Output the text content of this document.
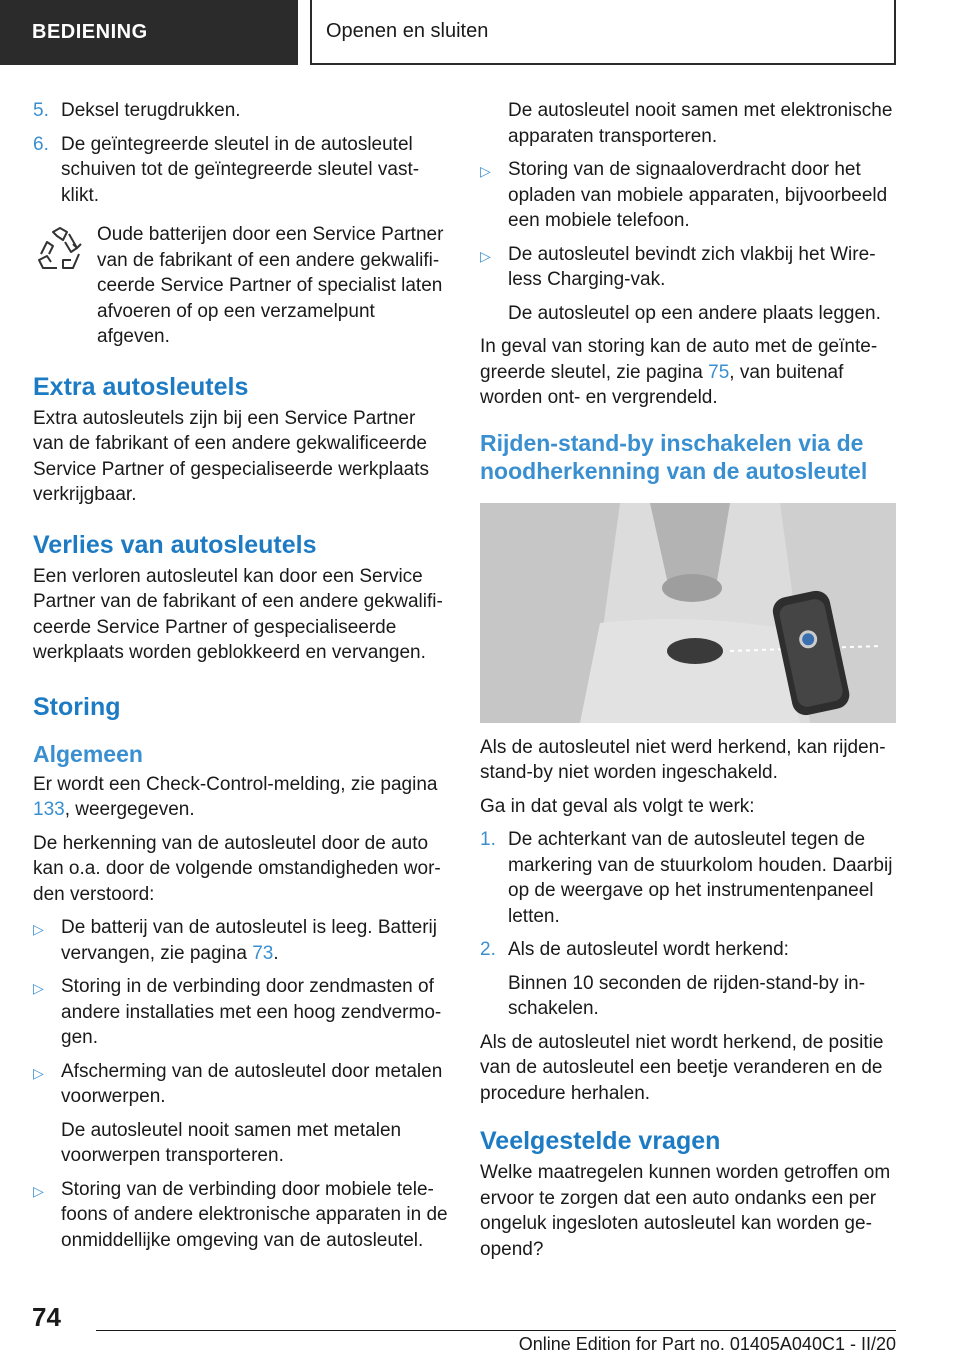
BEDIENING	Openen en sluiten
5. Deksel terugdrukken.
6. De geïntegreerde sleutel in de autosleutel schuiven tot de geïntegreerde sleutel vastklikt.
Oude batterijen door een Service Partner van de fabrikant of een andere gekwalificeerde Service Partner of specialist laten afvoeren of op een verzamelpunt afgeven.
Extra autosleutels

Extra autosleutels zijn bij een Service Partner van de fabrikant of een andere gekwalificeerde Service Partner of gespecialiseerde werkplaats verkrijgbaar.

Verlies van autosleutels

Een verloren autosleutel kan door een Service Partner van de fabrikant of een andere gekwalificeerde Service Partner of gespecialiseerde werkplaats worden geblokkeerd en vervangen.

Storing
Algemeen

Er wordt een Check-Control-melding, zie pagina 133, weergegeven.

De herkenning van de autosleutel door de auto kan o.a. door de volgende omstandigheden worden verstoord:

▷ De batterij van de autosleutel is leeg. Batterij vervangen, zie pagina 73.
▷ Storing in de verbinding door zendmasten of andere installaties met een hoog zendvermogen.
▷ Afscherming van de autosleutel door metalen voorwerpen.
De autosleutel nooit samen met metalen voorwerpen transporteren.
▷ Storing van de verbinding door mobiele telefoons of andere elektronische apparaten in de onmiddellijke omgeving van de autosleutel.
De autosleutel nooit samen met elektronische apparaten transporteren.
▷ Storing van de signaaloverdracht door het opladen van mobiele apparaten, bijvoorbeeld een mobiele telefoon.
▷ De autosleutel bevindt zich vlakbij het Wireless Charging-vak.
De autosleutel op een andere plaats leggen.

In geval van storing kan de auto met de geïntegreerde sleutel, zie pagina 75, van buitenaf worden ont- en vergrendeld.

Rijden-stand-by inschakelen via de noodherkenning van de autosleutel

Als de autosleutel niet werd herkend, kan rijdenstand-by niet worden ingeschakeld.

Ga in dat geval als volgt te werk:

1. De achterkant van de autosleutel tegen de markering van de stuurkolom houden. Daarbij op de weergave op het instrumentenpaneel letten.
2. Als de autosleutel wordt herkend:
Binnen 10 seconden de rijden-stand-by inschakelen.

Als de autosleutel niet wordt herkend, de positie van de autosleutel een beetje veranderen en de procedure herhalen.

Veelgestelde vragen

Welke maatregelen kunnen worden getroffen om ervoor te zorgen dat een auto ondanks een per ongeluk ingesloten autosleutel kan worden geopend?

74
Online Edition for Part no. 01405A040C1 - II/20
